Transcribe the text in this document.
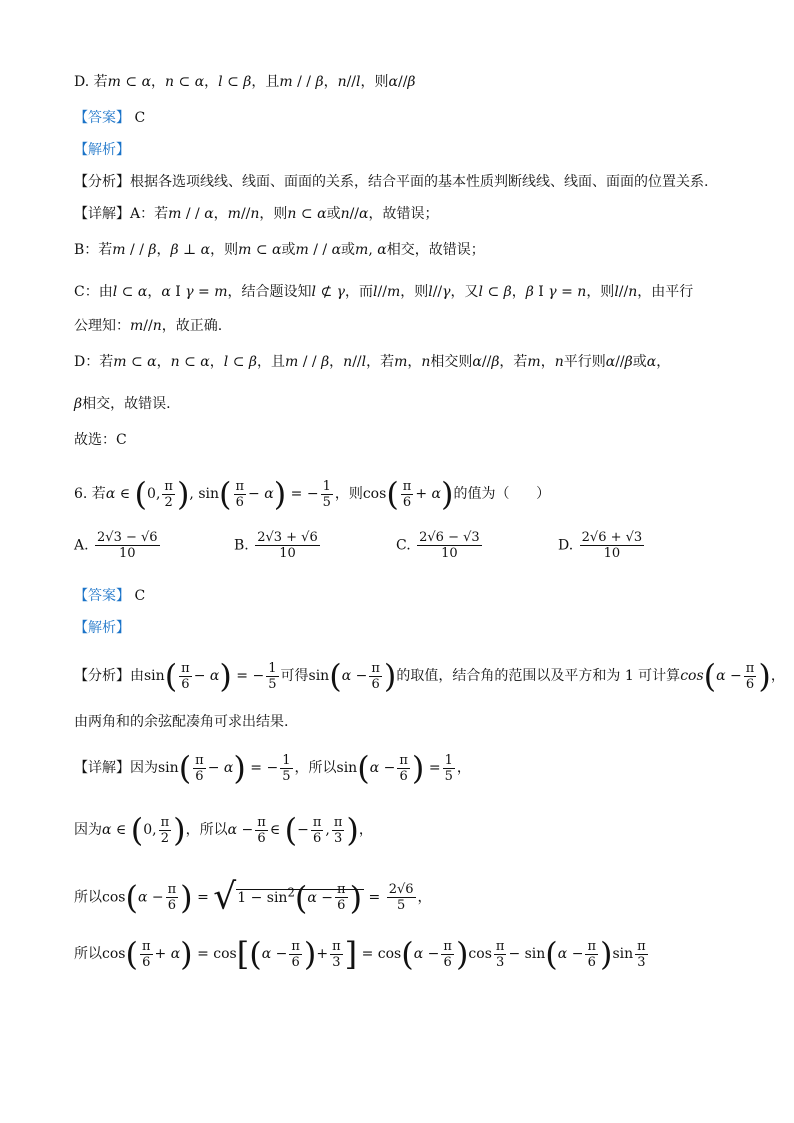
D. 若m ⊂ α，n ⊂ α，l ⊂ β，且m / / β，n//l，则α//β
【答案】 C
【解析】
【分析】根据各选项线线、线面、面面的关系，结合平面的基本性质判断线线、线面、面面的位置关系.
【详解】A：若m / / α，m//n，则n ⊂ α或n//α，故错误；
B：若m / / β，β ⊥ α，则m ⊂ α或m / / α或m, α相交，故错误；
C：由l ⊂ α，α I γ = m，结合题设知l ⊄ γ，而l//m，则l//γ，又l ⊂ β，β I γ = n，则l//n，由平行
公理知：m//n，故正确.
D：若m ⊂ α，n ⊂ α，l ⊂ β，且m / / β，n//l，若m，n相交则α//β，若m，n平行则α//β或α，
β相交，故错误.
故选：C
6. 若α ∈ (0, $\frac{\pi}{2}$ ), $\sin( \frac{\pi}{6} - \alpha)$ = − $\frac{1}{5}$ ，则$\cos( \frac{\pi}{6} + \alpha)$的值为（      ）
A. $\frac{2√3 - √6}{10}$	B. $\frac{2√3 + √6}{10}$	C. $\frac{2√6 - √3}{10}$	D. $\frac{2√6 + √3}{10}$
【答案】 C
【解析】
【分析】由$\sin( \frac{\pi}{6} - \alpha)$ = − $\frac{1}{5}$ 可得$\sin(\alpha - \frac{\pi}{6}$ )的取值，结合角的范围以及平方和为 1 可计算$\cos(\alpha - \frac{\pi}{6}$ )，
由两角和的余弦配凑角可求出结果.
【详解】因为$\sin( \frac{\pi}{6} - \alpha)$ = − $\frac{1}{5}$ ，所以$\sin(\alpha - \frac{\pi}{6}$ ) = $\frac{1}{5}$ ，
因为α ∈ (0, $\frac{\pi}{2}$ )，所以$\alpha - \frac{\pi}{6}$ ∈ (− $\frac{\pi}{6}$ , $\frac{\pi}{3}$ )，
所以$\cos(\alpha - \frac{\pi}{6}$ ) = $√1 - \sin^2(\alpha - \frac{\pi}{6}$ ) = $\frac{2√6}{5}$ ，
所以$\cos( \frac{\pi}{6} + \alpha) = \cos[(\alpha - \frac{\pi}{6}$ )+ $\frac{\pi}{3}$ ] = $\cos(\alpha - \frac{\pi}{6} )\cos \frac{\pi}{3} - \sin(\alpha - \frac{\pi}{6} )\sin \frac{\pi}{3}$
